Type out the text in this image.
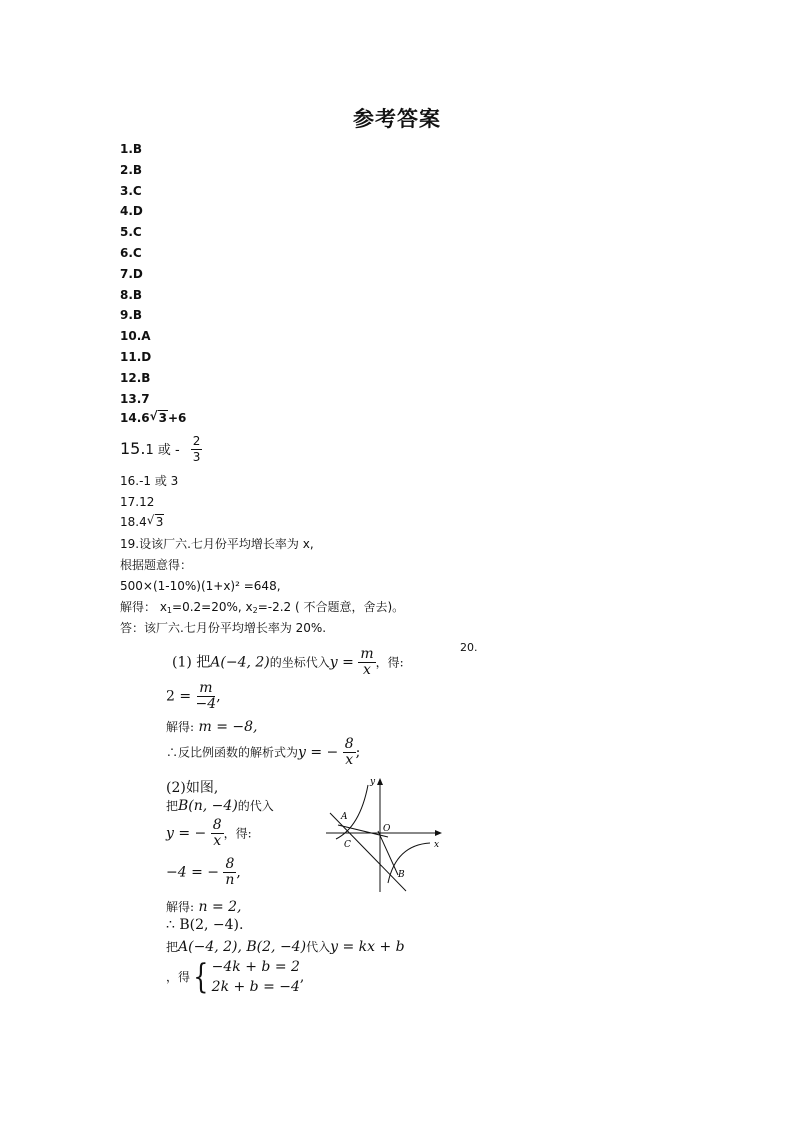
参考答案
1.B
2.B
3.C
4.D
5.C
6.C
7.D
8.B
9.B
10.A
11.D
12.B
13.7
14.6 √ 3+6
15.1 或 - $\frac{2}{3}$
16.-1 或 3
17.12
18.4 √ 3
19.设该厂六.七月份平均增长率为 x,
根据题意得：
500×(1-10%)(1+x)² =648,
解得： $x_1=0.2=20\%$, $x_2=-2.2$ ( 不合题意，舍去)。
答：该厂六.七月份平均增长率为 20%.
20.
(1) 把A(−4, 2)的坐标代入$y = \frac{m}{x}$ ，得:
$2 = \frac{m}{-4}$ ,
解得: m = −8,
∴反比例函数的解析式为y = − $\frac{8}{x}$ ;
(2)如图,
把B(n, −4)的代入
y = − $\frac{8}{x}$ ，得:
−4 = − $\frac{8}{n}$ ,
解得: n = 2,
∴ B(2, −4).
把A(−4, 2), B(2, −4)代入y = kx + b
，得{ −4k + b = 2
2k + b = −4
,
y
x
O
A
B
C
